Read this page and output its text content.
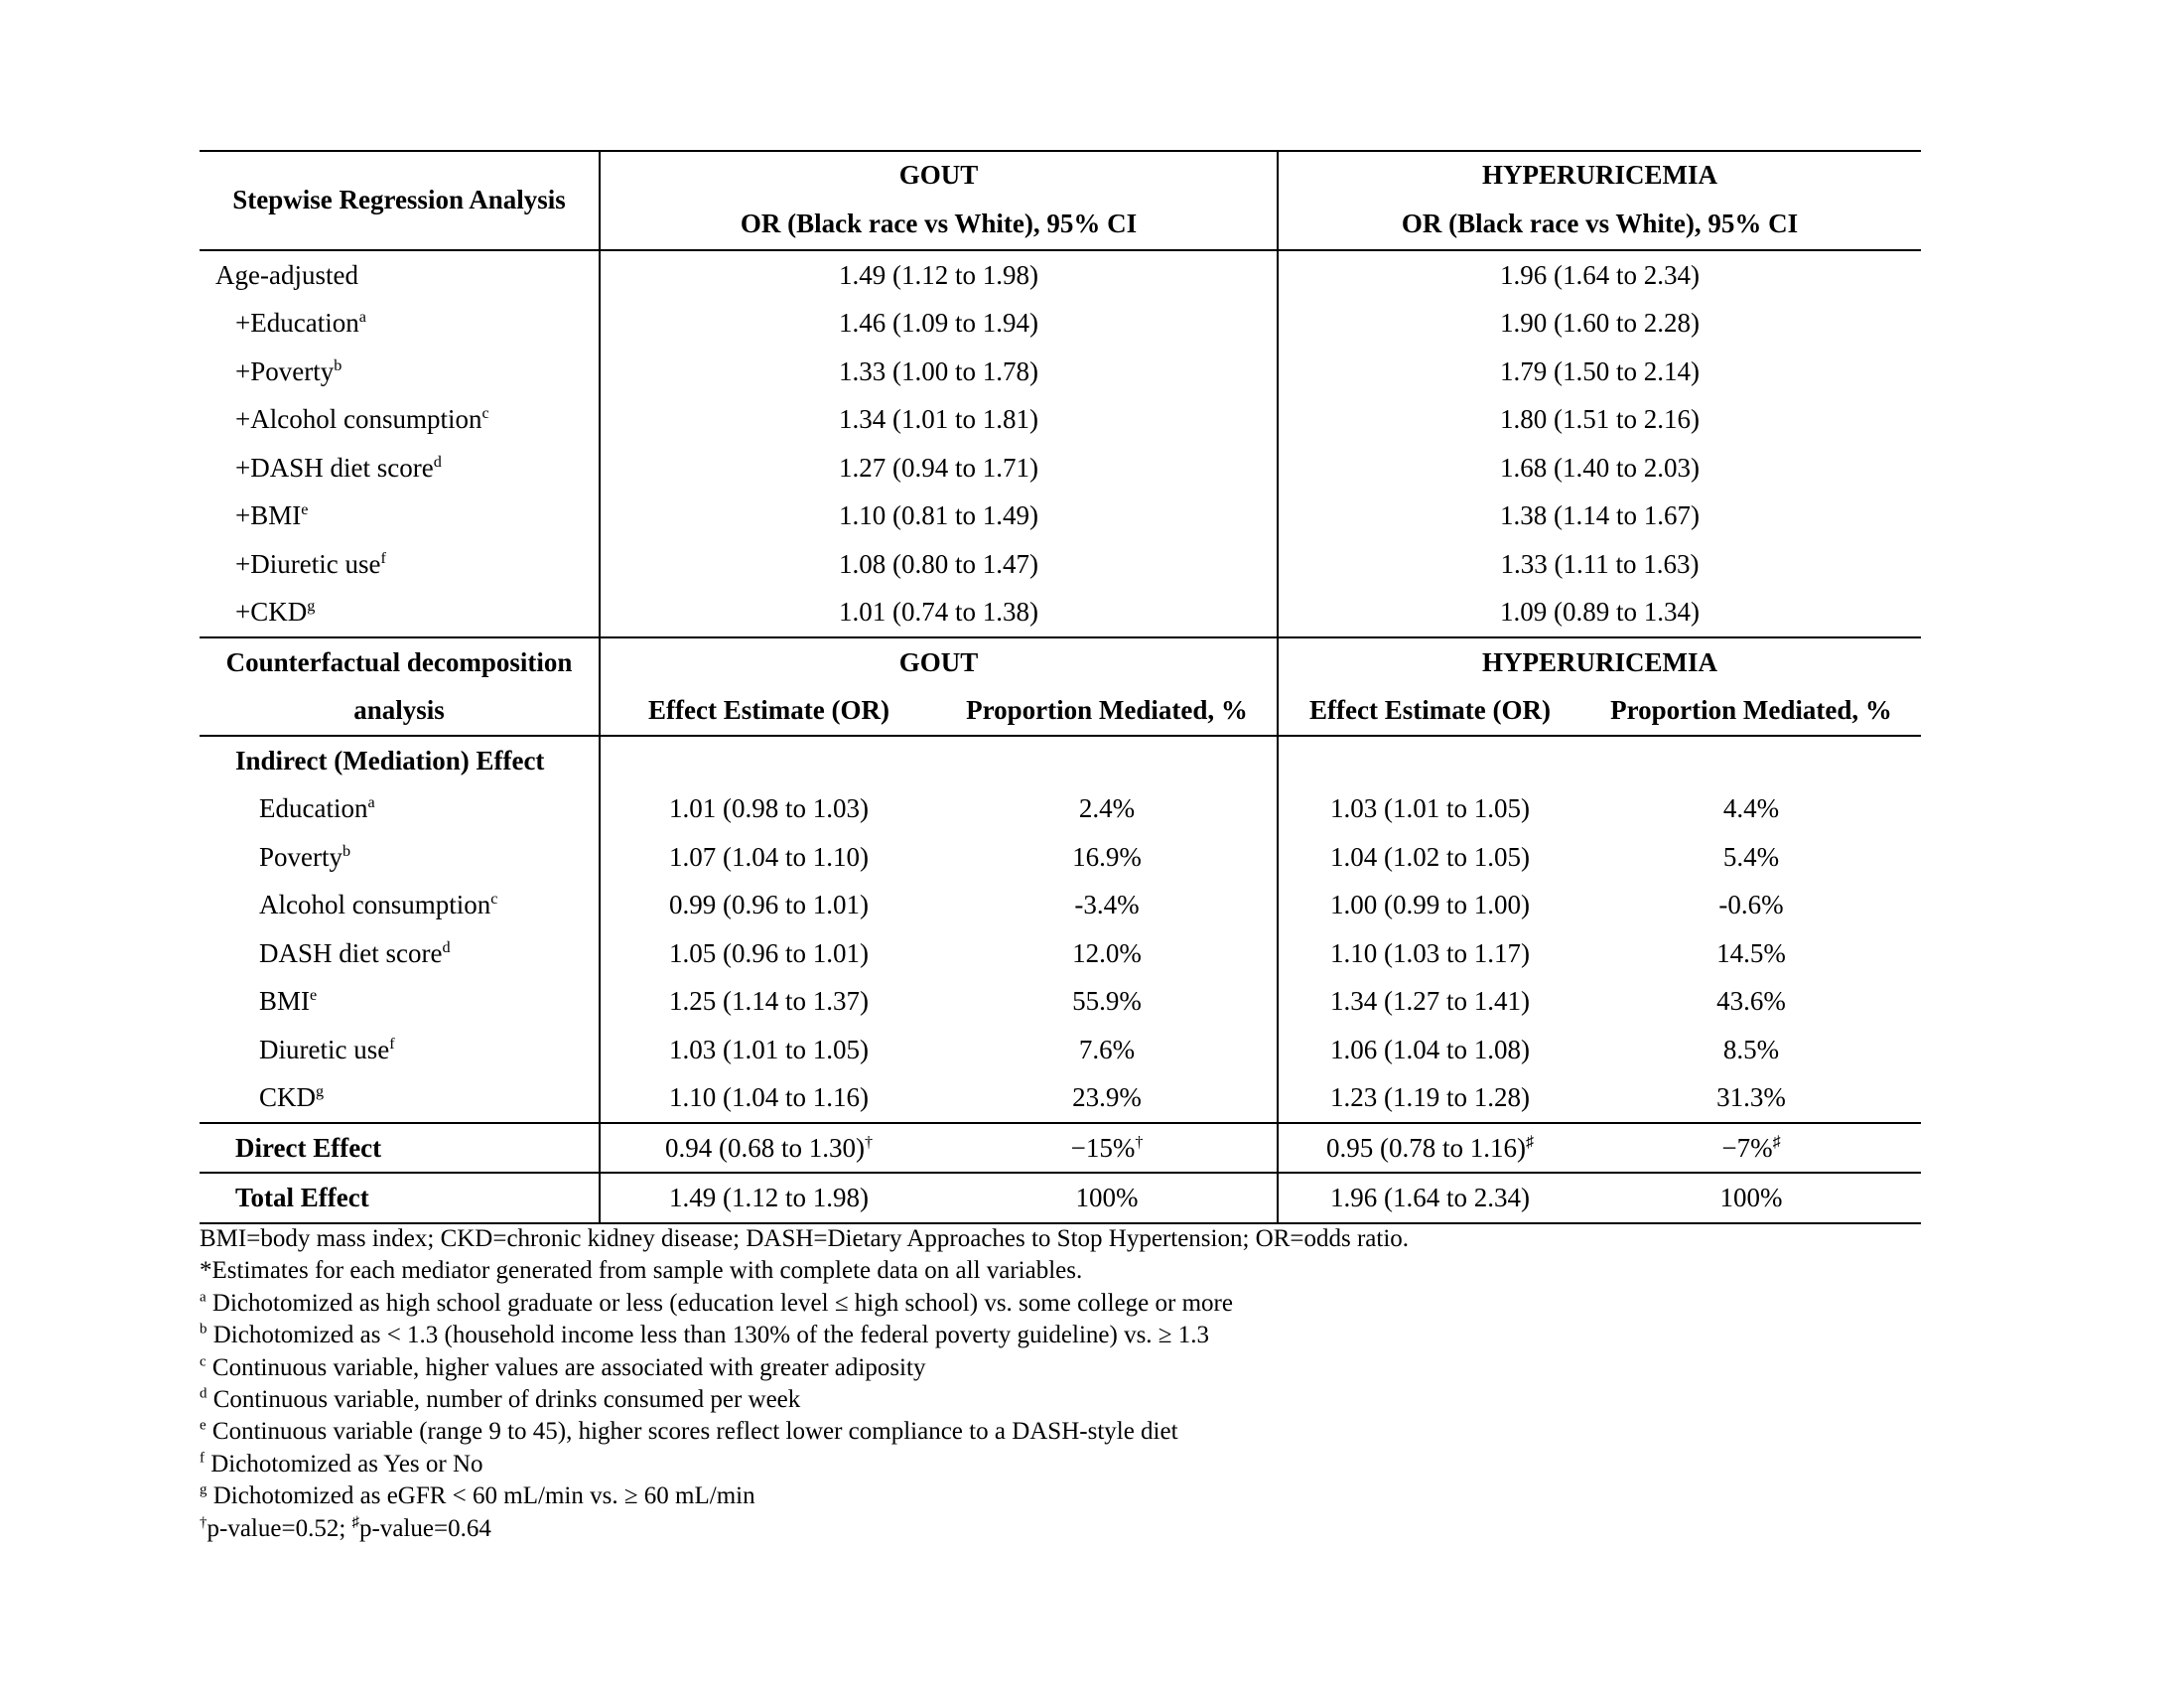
Stepwise Regression Analysis	GOUT		HYPERURICEMIA	
	OR (Black race vs White), 95% CI		OR (Black race vs White), 95% CI	
Age-adjusted	1.49 (1.12 to 1.98)		1.96 (1.64 to 2.34)	
+Education$^a$	1.46 (1.09 to 1.94)		1.90 (1.60 to 2.28)	
+Poverty$^b$	1.33 (1.00 to 1.78)		1.79 (1.50 to 2.14)	
+Alcohol consumption$^c$	1.34 (1.01 to 1.81)		1.80 (1.51 to 2.16)	
+DASH diet score$^d$	1.27 (0.94 to 1.71)		1.68 (1.40 to 2.03)	
$+BMI^e$	1.10 (0.81 to 1.49)		1.38 (1.14 to 1.67)	
+Diuretic use$^f$	1.08 (0.80 to 1.47)		1.33 (1.11 to 1.63)	
$+CKD^g$	1.01 (0.74 to 1.38)		1.09 (0.89 to 1.34)	
Counterfactual decomposition	GOUT		HYPERURICEMIA	
analysis	Effect Estimate (OR)	Proportion Mediated, %	Effect Estimate (OR)	Proportion Mediated, %
Indirect (Mediation) Effect				
Education$^a$	1.01 (0.98 to 1.03)	2.4%	1.03 (1.01 to 1.05)	4.4%
Poverty$^b$	1.07 (1.04 to 1.10)	16.9%	1.04 (1.02 to 1.05)	5.4%
Alcohol consumption$^c$	0.99 (0.96 to 1.01)	-3.4%	1.00 (0.99 to 1.00)	-0.6%
DASH diet score$^d$	1.05 (0.96 to 1.01)	12.0%	1.10 (1.03 to 1.17)	14.5%
BMI$^e$	1.25 (1.14 to 1.37)	55.9%	1.34 (1.27 to 1.41)	43.6%
Diuretic use$^f$	1.03 (1.01 to 1.05)	7.6%	1.06 (1.04 to 1.08)	8.5%
CKD$^g$	1.10 (1.04 to 1.16)	23.9%	1.23 (1.19 to 1.28)	31.3%
Direct Effect	0.94 (0.68 to 1.30)†	−15%†	0.95 (0.78 to 1.16)♯	−7%♯
Total Effect	1.49 (1.12 to 1.98)	100%	1.96 (1.64 to 2.34)	100%
BMI=body mass index; CKD=chronic kidney disease; DASH=Dietary Approaches to Stop Hypertension; OR=odds ratio.
*Estimates for each mediator generated from sample with complete data on all variables.
$^a$ Dichotomized as high school graduate or less (education level ≤ high school) vs. some college or more
$^b$ Dichotomized as < 1.3 (household income less than 130% of the federal poverty guideline) vs. ≥ 1.3
$^c$ Continuous variable, higher values are associated with greater adiposity
$^d$ Continuous variable, number of drinks consumed per week
$^e$ Continuous variable (range 9 to 45), higher scores reflect lower compliance to a DASH-style diet
$^f$ Dichotomized as Yes or No
$^g$ Dichotomized as eGFR < 60 mL/min vs. ≥ 60 mL/min
†p-value=0.52; ♯p-value=0.64
